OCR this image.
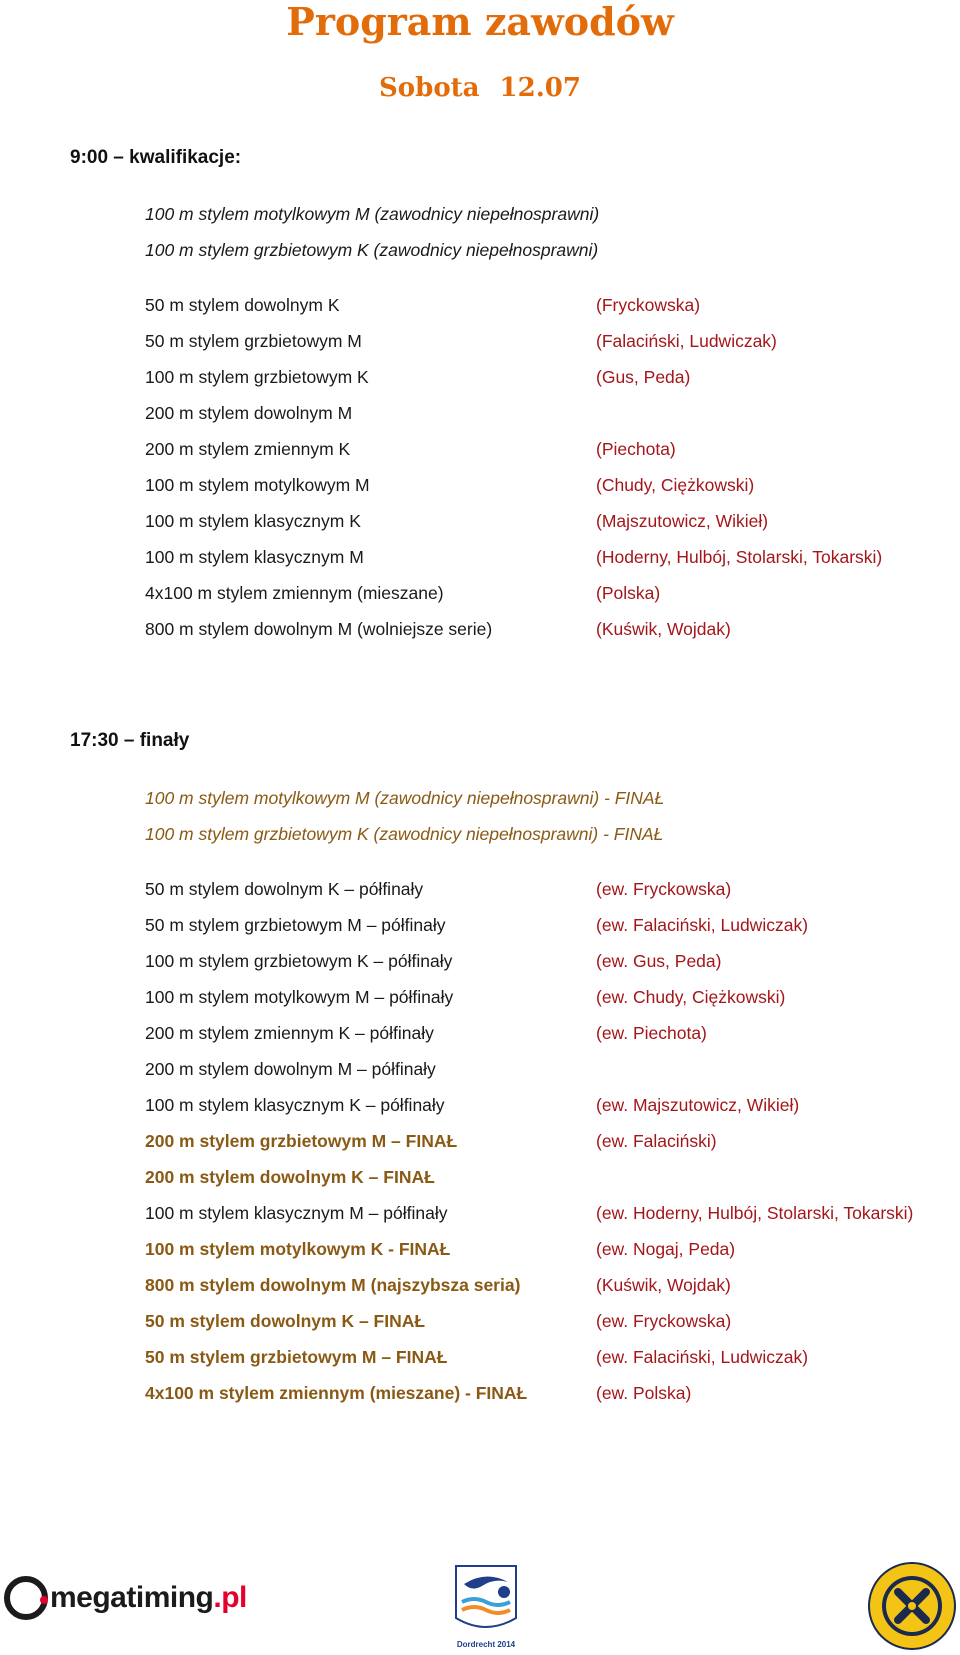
Program zawodów
Sobota 12.07
9:00 – kwalifikacje:
100 m stylem motylkowym M (zawodnicy niepełnosprawni)
100 m stylem grzbietowym K (zawodnicy niepełnosprawni)
50 m stylem dowolnym K	(Fryckowska)
50 m stylem grzbietowym M	(Falaciński, Ludwiczak)
100 m stylem grzbietowym K	(Gus, Peda)
200 m stylem dowolnym M
200 m stylem zmiennym K	(Piechota)
100 m stylem motylkowym M	(Chudy, Ciężkowski)
100 m stylem klasycznym K	(Majszutowicz, Wikieł)
100 m stylem klasycznym M	(Hoderny, Hulbój, Stolarski, Tokarski)
4x100 m stylem zmiennym (mieszane)	(Polska)
800 m stylem dowolnym M (wolniejsze serie)	(Kuświk, Wojdak)
17:30 – finały
100 m stylem motylkowym M (zawodnicy niepełnosprawni) - FINAŁ
100 m stylem grzbietowym K (zawodnicy niepełnosprawni) - FINAŁ
50 m stylem dowolnym K – półfinały	(ew. Fryckowska)
50 m stylem grzbietowym M – półfinały	(ew. Falaciński, Ludwiczak)
100 m stylem grzbietowym K – półfinały	(ew. Gus, Peda)
100 m stylem motylkowym M – półfinały	(ew. Chudy, Ciężkowski)
200 m stylem zmiennym K – półfinały	(ew. Piechota)
200 m stylem dowolnym M – półfinały
100 m stylem klasycznym K – półfinały	(ew. Majszutowicz, Wikieł)
200 m stylem grzbietowym M – FINAŁ	(ew. Falaciński)
200 m stylem dowolnym K – FINAŁ
100 m stylem klasycznym M – półfinały	(ew. Hoderny, Hulbój, Stolarski, Tokarski)
100 m stylem motylkowym K - FINAŁ	(ew. Nogaj, Peda)
800 m stylem dowolnym M (najszybsza seria)	(Kuświk, Wojdak)
50 m stylem dowolnym K – FINAŁ	(ew. Fryckowska)
50 m stylem grzbietowym M – FINAŁ	(ew. Falaciński, Ludwiczak)
4x100 m stylem zmiennym (mieszane) - FINAŁ	(ew. Polska)
megatiming.pl
Dordrecht 2014
